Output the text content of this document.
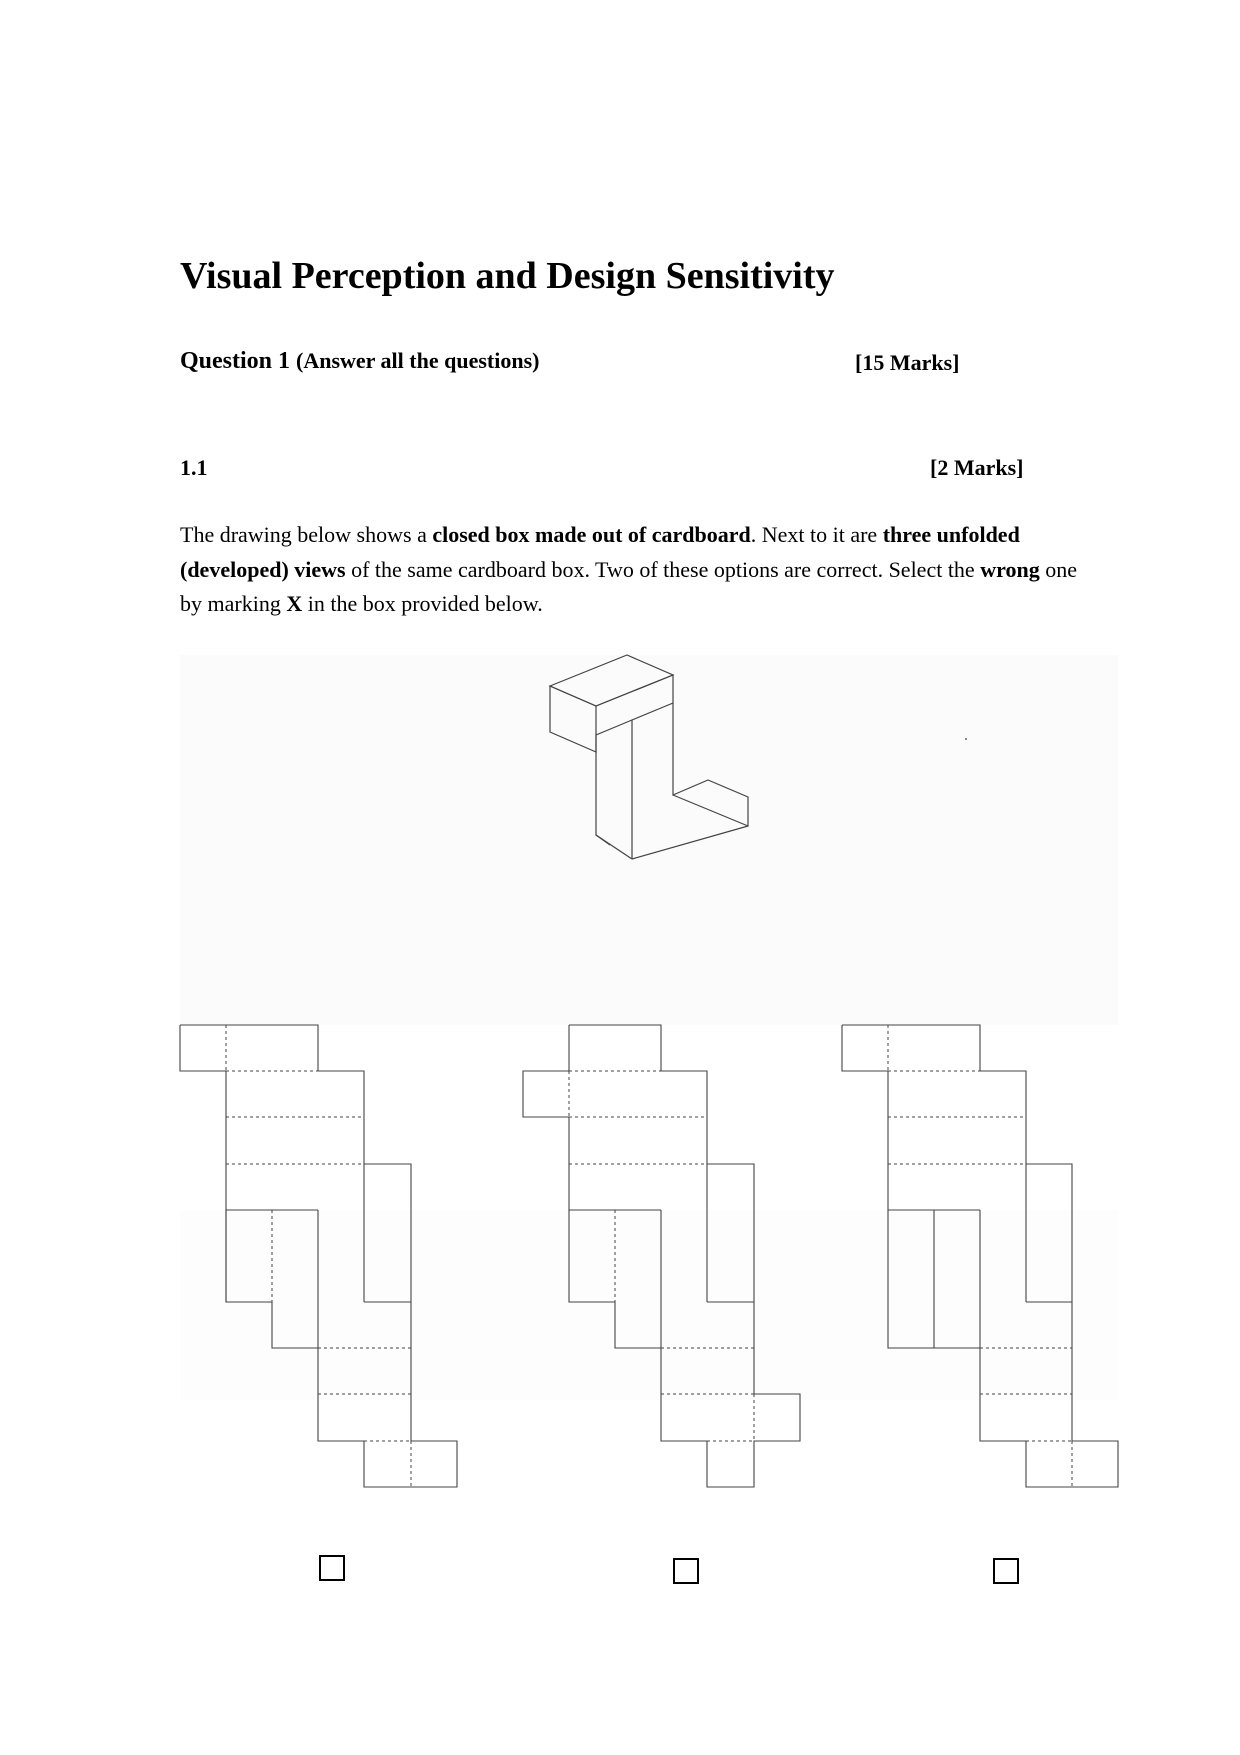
Visual Perception and Design Sensitivity
Question 1 (Answer all the questions)	[15 Marks]
1.1	[2 Marks]
The drawing below shows a closed box made out of cardboard. Next to it are three unfolded (developed) views of the same cardboard box. Two of these options are correct. Select the wrong one by marking X in the box provided below.
